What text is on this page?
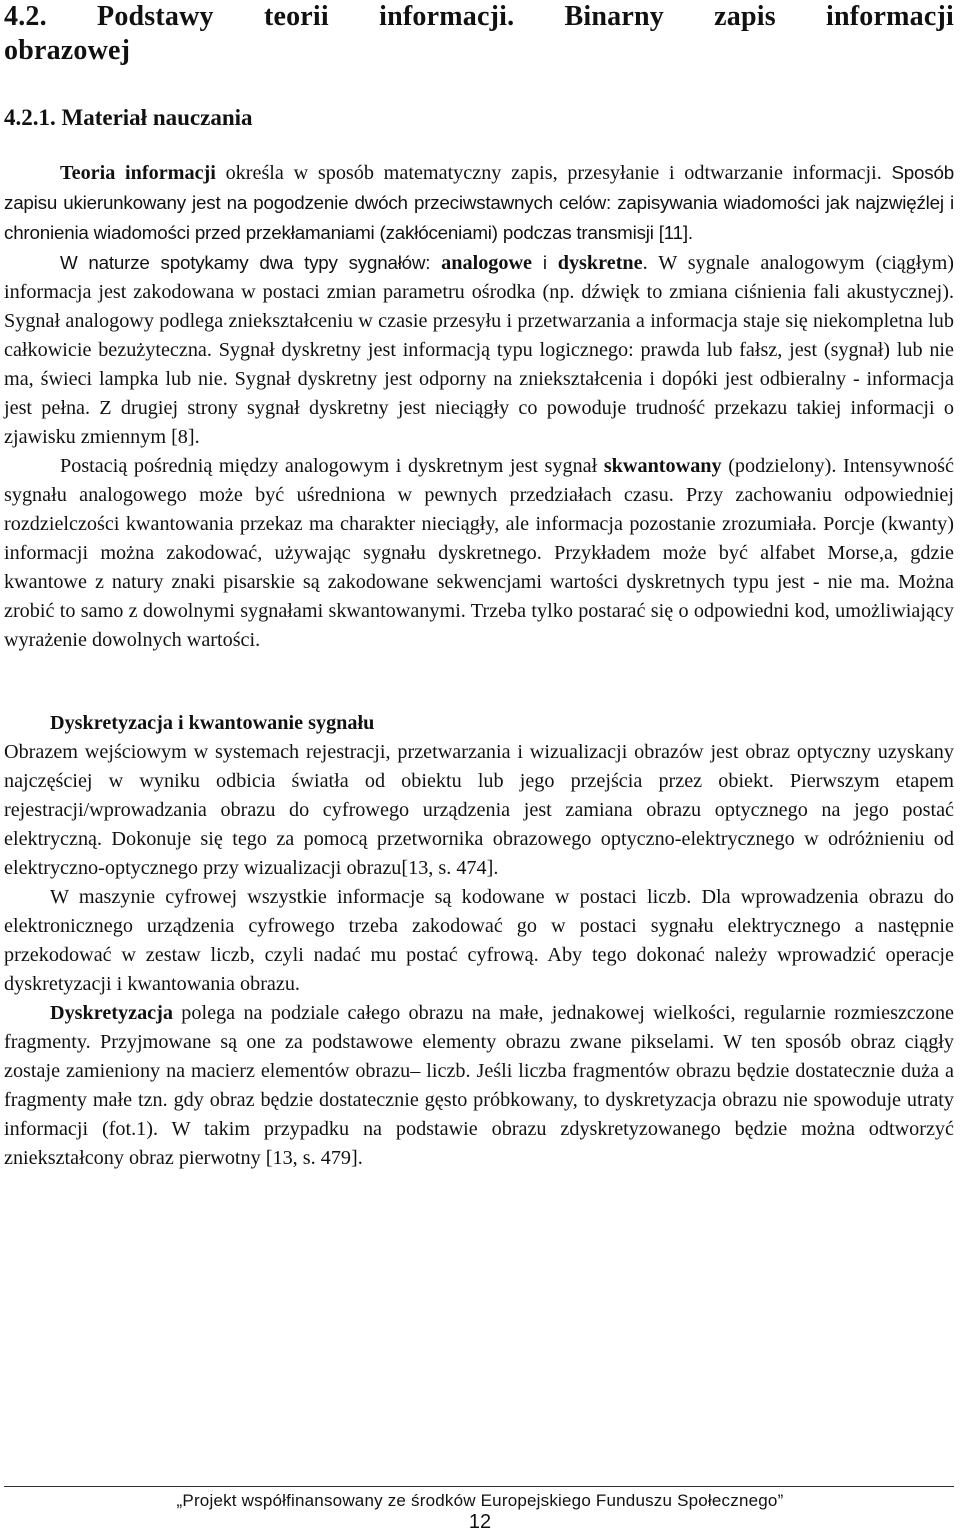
4.2. Podstawy teorii informacji. Binarny zapis informacji obrazowej
4.2.1. Materiał nauczania

Teoria informacji określa w sposób matematyczny zapis, przesyłanie i odtwarzanie informacji. Sposób zapisu ukierunkowany jest na pogodzenie dwóch przeciwstawnych celów: zapisywania wiadomości jak najzwięźlej i chronienia wiadomości przed przekłamaniami (zakłóceniami) podczas transmisji [11].

W naturze spotykamy dwa typy sygnałów: analogowe i dyskretne. W sygnale analogowym (ciągłym) informacja jest zakodowana w postaci zmian parametru ośrodka (np. dźwięk to zmiana ciśnienia fali akustycznej). Sygnał analogowy podlega zniekształceniu w czasie przesyłu i przetwarzania a informacja staje się niekompletna lub całkowicie bezużyteczna. Sygnał dyskretny jest informacją typu logicznego: prawda lub fałsz, jest (sygnał) lub nie ma, świeci lampka lub nie. Sygnał dyskretny jest odporny na zniekształcenia i dopóki jest odbieralny - informacja jest pełna. Z drugiej strony sygnał dyskretny jest nieciągły co powoduje trudność przekazu takiej informacji o zjawisku zmiennym [8].

Postacią pośrednią między analogowym i dyskretnym jest sygnał skwantowany (podzielony). Intensywność sygnału analogowego może być uśredniona w pewnych przedziałach czasu. Przy zachowaniu odpowiedniej rozdzielczości kwantowania przekaz ma charakter nieciągły, ale informacja pozostanie zrozumiała. Porcje (kwanty) informacji można zakodować, używając sygnału dyskretnego. Przykładem może być alfabet Morse,a, gdzie kwantowe z natury znaki pisarskie są zakodowane sekwencjami wartości dyskretnych typu jest - nie ma. Można zrobić to samo z dowolnymi sygnałami skwantowanymi. Trzeba tylko postarać się o odpowiedni kod, umożliwiający wyrażenie dowolnych wartości.

Dyskretyzacja i kwantowanie sygnału

Obrazem wejściowym w systemach rejestracji, przetwarzania i wizualizacji obrazów jest obraz optyczny uzyskany najczęściej w wyniku odbicia światła od obiektu lub jego przejścia przez obiekt. Pierwszym etapem rejestracji/wprowadzania obrazu do cyfrowego urządzenia jest zamiana obrazu optycznego na jego postać elektryczną. Dokonuje się tego za pomocą przetwornika obrazowego optyczno-elektrycznego w odróżnieniu od elektryczno-optycznego przy wizualizacji obrazu[13, s. 474].

W maszynie cyfrowej wszystkie informacje są kodowane w postaci liczb. Dla wprowadzenia obrazu do elektronicznego urządzenia cyfrowego trzeba zakodować go w postaci sygnału elektrycznego a następnie przekodować w zestaw liczb, czyli nadać mu postać cyfrową. Aby tego dokonać należy wprowadzić operacje dyskretyzacji i kwantowania obrazu.

Dyskretyzacja polega na podziale całego obrazu na małe, jednakowej wielkości, regularnie rozmieszczone fragmenty. Przyjmowane są one za podstawowe elementy obrazu zwane pikselami. W ten sposób obraz ciągły zostaje zamieniony na macierz elementów obrazu– liczb. Jeśli liczba fragmentów obrazu będzie dostatecznie duża a fragmenty małe tzn. gdy obraz będzie dostatecznie gęsto próbkowany, to dyskretyzacja obrazu nie spowoduje utraty informacji (fot.1). W takim przypadku na podstawie obrazu zdyskretyzowanego będzie można odtworzyć zniekształcony obraz pierwotny [13, s. 479].

„Projekt współfinansowany ze środków Europejskiego Funduszu Społecznego”
12
